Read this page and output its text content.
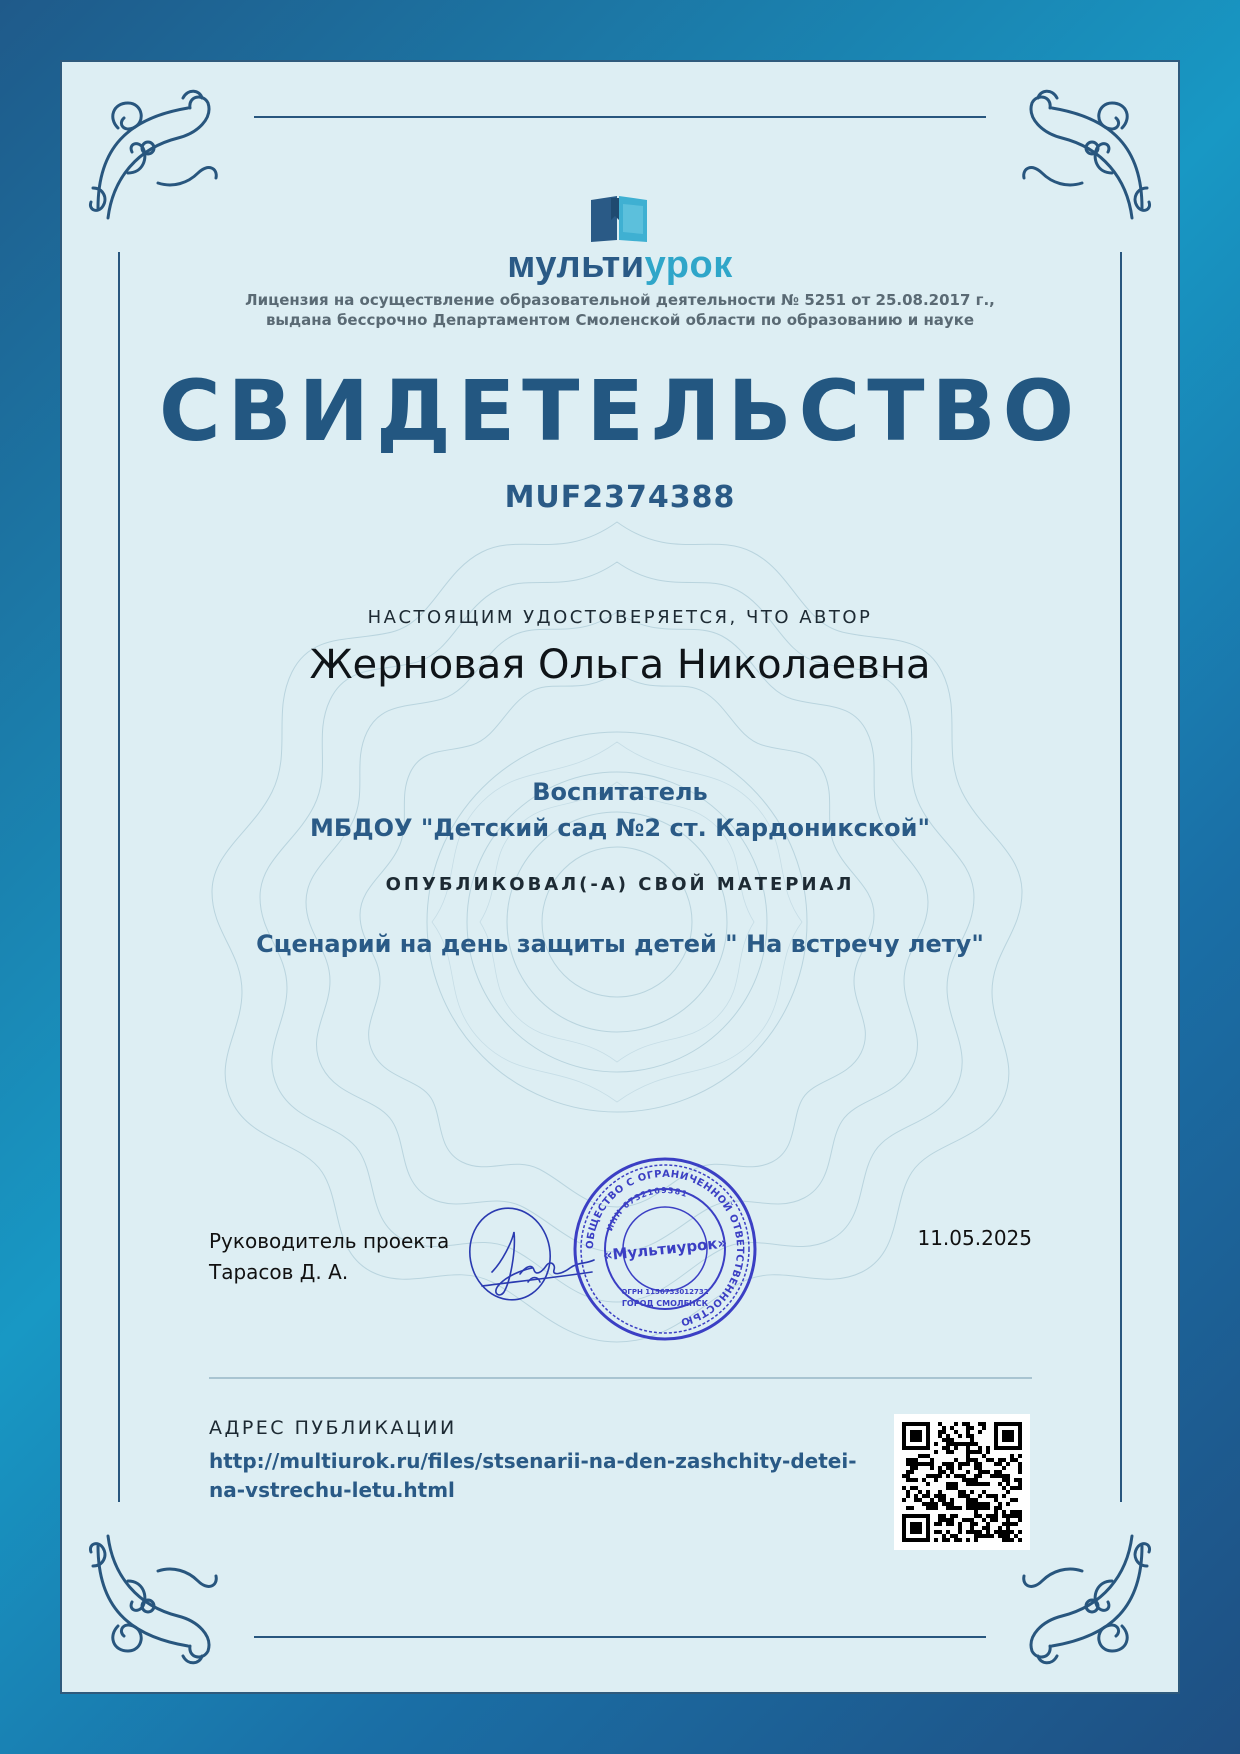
мультиурок
Лицензия на осуществление образовательной деятельности № 5251 от 25.08.2017 г.,
выдана бессрочно Департаментом Смоленской области по образованию и науке
СВИДЕТЕЛЬСТВО
MUF2374388
НАСТОЯЩИМ УДОСТОВЕРЯЕТСЯ, ЧТО АВТОР
Жерновая Ольга Николаевна
Воспитатель
МБДОУ "Детский сад №2 ст. Кардоникской"
ОПУБЛИКОВАЛ(-А) СВОЙ МАТЕРИАЛ
Сценарий на день защиты детей " На встречу лету"
Руководитель проекта
Тарасов Д. А.
ОБЩЕСТВО С ОГРАНИЧЕННОЙ ОТВЕТСТВЕННОСТЬЮ
ИНН 6732109381
«Мультиурок»
ОГРН 1156733012732
ГОРОД СМОЛЕНСК
11.05.2025
АДРЕС ПУБЛИКАЦИИ
http://multiurok.ru/files/stsenarii-na-den-zashchity-detei-na-vstrechu-letu.html
